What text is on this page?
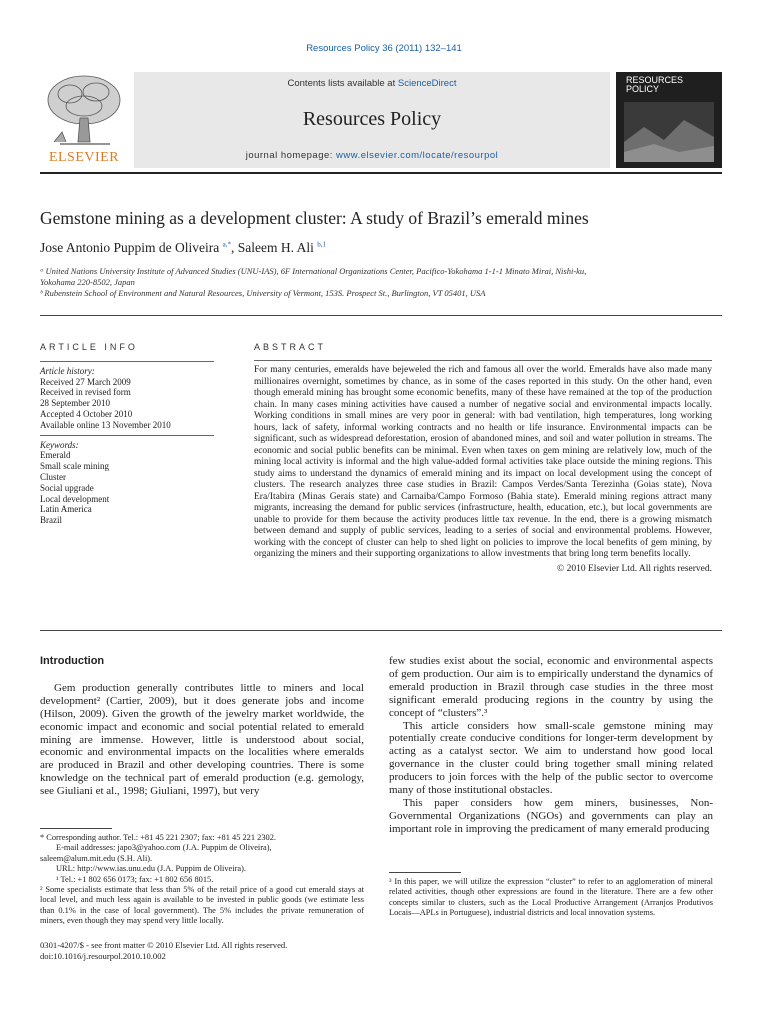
Resources Policy 36 (2011) 132–141
ELSEVIER
Contents lists available at ScienceDirect
Resources Policy
journal homepage: www.elsevier.com/locate/resourpol
RESOURCES
POLICY
Gemstone mining as a development cluster: A study of Brazil’s emerald mines
Jose Antonio Puppim de Oliveira $^{a,*}$, Saleem H. Ali $^{b,1}$
ᵃ United Nations University Institute of Advanced Studies (UNU-IAS), 6F International Organizations Center, Pacifico-Yokohama 1-1-1 Minato Mirai, Nishi-ku,
Yokohama 220-8502, Japan
ᵇ Rubenstein School of Environment and Natural Resources, University of Vermont, 153S. Prospect St., Burlington, VT 05401, USA
ARTICLE INFO
Article history:
Received 27 March 2009
Received in revised form
28 September 2010
Accepted 4 October 2010
Available online 13 November 2010
Keywords:
Emerald
Small scale mining
Cluster
Social upgrade
Local development
Latin America
Brazil
ABSTRACT
For many centuries, emeralds have bejeweled the rich and famous all over the world. Emeralds have also made many millionaires overnight, sometimes by chance, as in some of the cases reported in this study. On the other hand, even though emerald mining has brought some economic benefits, many of these have remained at the top of the production chain. In many cases mining activities have caused a number of negative social and environmental impacts locally. Working conditions in small mines are very poor in general: with bad ventilation, high temperatures, long working hours, lack of safety, informal working contracts and no health or life insurance. Environmental impacts can be significant, such as widespread deforestation, erosion of abandoned mines, and soil and water pollution in streams. The economic and social public benefits can be minimal. Even when taxes on gem mining are relatively low, much of the mining local activity is informal and the high value-added formal activities take place outside the mining regions. This study aims to understand the dynamics of emerald mining and its impact on local development using the concept of clusters. The research analyzes three case studies in Brazil: Campos Verdes/Santa Terezinha (Goias state), Nova Era/Itabira (Minas Gerais state) and Carnaiba/Campo Formoso (Bahia state). Emerald mining regions attract many migrants, increasing the demand for public services (infrastructure, health, education, etc.), but local governments are unable to provide for them because the activity produces little tax revenue. In the end, there is a growing mismatch between demand and supply of public services, leading to a series of social and environmental problems. However, working with the concept of cluster can help to shed light on policies to improve the local benefits of gem mining, by organizing the miners and their supporting organizations to allow investments that bring long term benefits locally.
© 2010 Elsevier Ltd. All rights reserved.
Introduction

Gem production generally contributes little to miners and local development² (Cartier, 2009), but it does generate jobs and income (Hilson, 2009). Given the growth of the jewelry market worldwide, the economic impact and economic and social potential related to emerald mining are immense. However, little is understood about social, economic and environmental impacts on the localities where emeralds are produced in Brazil and other developing countries. There is some knowledge on the technical part of emerald production (e.g. gemology, see Giuliani et al., 1998; Giuliani, 1997), but very

few studies exist about the social, economic and environmental aspects of gem production. Our aim is to empirically understand the dynamics of emerald production in Brazil through case studies in the three most significant emerald producing regions in the country by using the concept of “clusters”.³

This article considers how small-scale gemstone mining may potentially create conducive conditions for longer-term development by acting as a catalyst sector. We aim to understand how good local governance in the cluster could bring together small mining related producers to join forces with the help of the public sector to overcome many of those institutional obstacles.

This paper considers how gem miners, businesses, Non-Governmental Organizations (NGOs) and governments can play an important role in improving the predicament of many emerald producing

* Corresponding author. Tel.: +81 45 221 2307; fax: +81 45 221 2302.
E-mail addresses: japo3@yahoo.com (J.A. Puppim de Oliveira),
saleem@alum.mit.edu (S.H. Ali).
URL: http://www.ias.unu.edu (J.A. Puppim de Oliveira).
¹ Tel.: +1 802 656 0173; fax: +1 802 656 8015.
² Some specialists estimate that less than 5% of the retail price of a good cut emerald stays at local level, and much less again is available to be invested in public goods (we estimate less than 0.1% in the case of local government). The 5% includes the private remuneration of miners, even though they may spend very little locally.
³ In this paper, we will utilize the expression “cluster” to refer to an agglomeration of mineral related activities, though other expressions are found in the literature. There are a few other concepts similar to clusters, such as the Local Productive Arrangement (Arranjos Produtivos Locais—APLs in Portuguese), industrial districts and local innovation systems.
0301-4207/$ - see front matter © 2010 Elsevier Ltd. All rights reserved.
doi:10.1016/j.resourpol.2010.10.002
